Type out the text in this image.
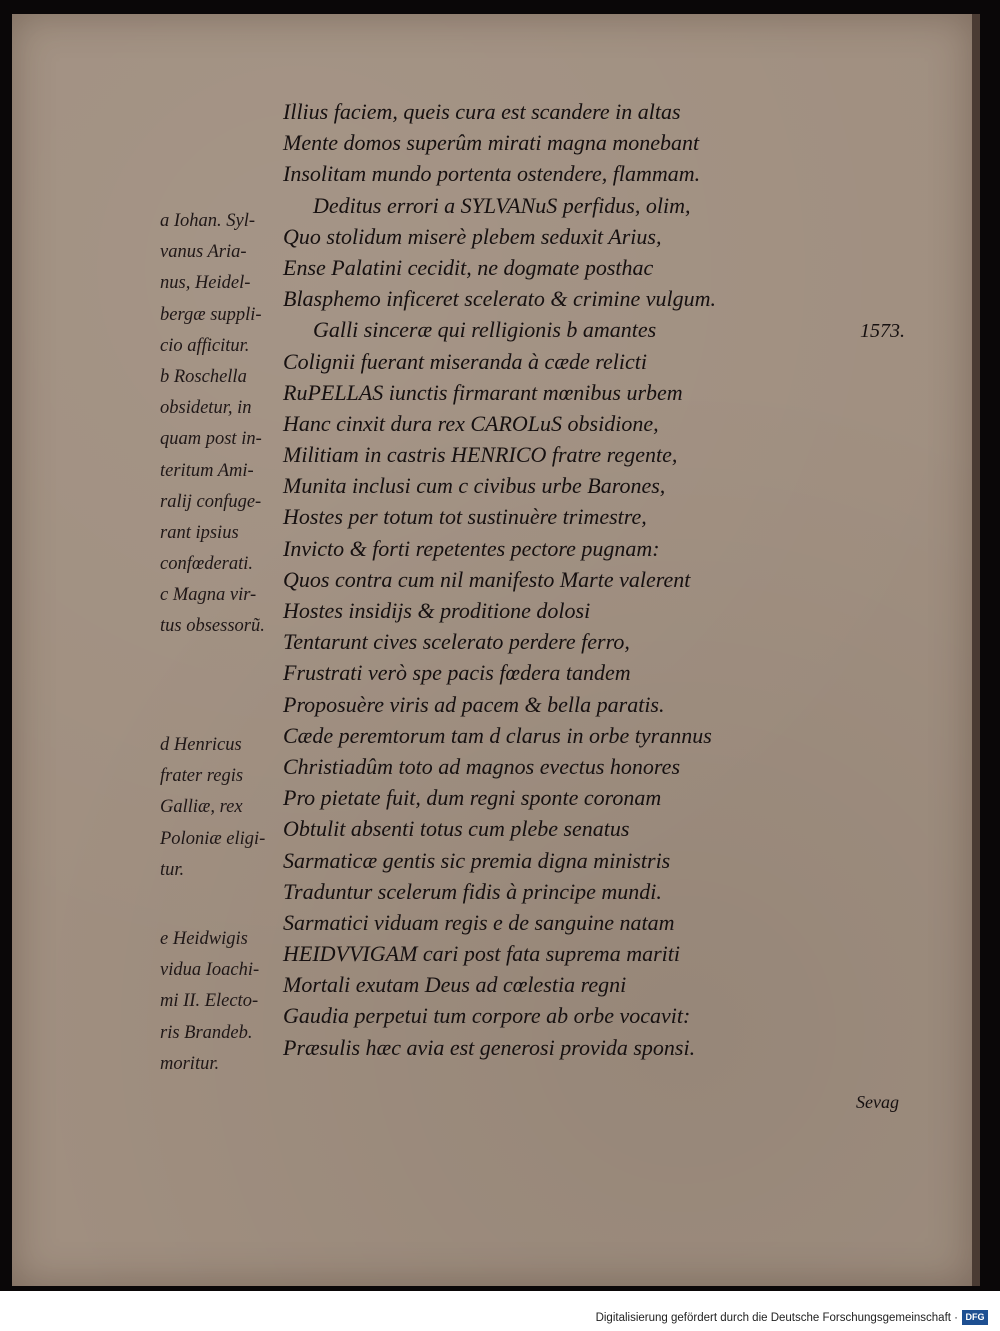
Illius faciem, queis cura est scandere in altas
Mente domos superûm mirati magna monebant
Insolitam mundo portenta ostendere, flammam.
Deditus errori a SYLVANuS perfidus, olim,
Quo stolidum miserè plebem seduxit Arius,
Ense Palatini cecidit, ne dogmate posthac
Blasphemo inficeret scelerato & crimine vulgum.
Galli sinceræ qui relligionis b amantes
Colignii fuerant miseranda à cæde relicti
RuPELLAS iunctis firmarant mœnibus urbem
Hanc cinxit dura rex CAROLuS obsidione,
Militiam in castris HENRICO fratre regente,
Munita inclusi cum c civibus urbe Barones,
Hostes per totum tot sustinuère trimestre,
Invicto & forti repetentes pectore pugnam:
Quos contra cum nil manifesto Marte valerent
Hostes insidijs & proditione dolosi
Tentarunt cives scelerato perdere ferro,
Frustrati verò spe pacis fœdera tandem
Proposuère viris ad pacem & bella paratis.
Cæde peremtorum tam d clarus in orbe tyrannus
Christiadûm toto ad magnos evectus honores
Pro pietate fuit, dum regni sponte coronam
Obtulit absenti totus cum plebe senatus
Sarmaticæ gentis sic premia digna ministris
Traduntur scelerum fidis à principe mundi.
Sarmatici viduam regis e de sanguine natam
HEIDVVIGAM cari post fata suprema mariti
Mortali exutam Deus ad cœlestia regni
Gaudia perpetui tum corpore ab orbe vocavit:
Præsulis hæc avia est generosi provida sponsi.
a Iohan. Syl-
vanus Aria-
nus, Heidel-
bergæ suppli-
cio afficitur.
b Roschella
obsidetur, in
quam post in-
teritum Ami-
ralij confuge-
rant ipsius
confœderati.
c Magna vir-
tus obsessorũ.
d Henricus
frater regis
Galliæ, rex
Poloniæ eligi-
tur.
e Heidwigis
vidua Ioachi-
mi II. Electo-
ris Brandeb.
moritur.
1573.
Sevag
Digitalisierung gefördert durch die Deutsche Forschungsgemeinschaft · DFG
